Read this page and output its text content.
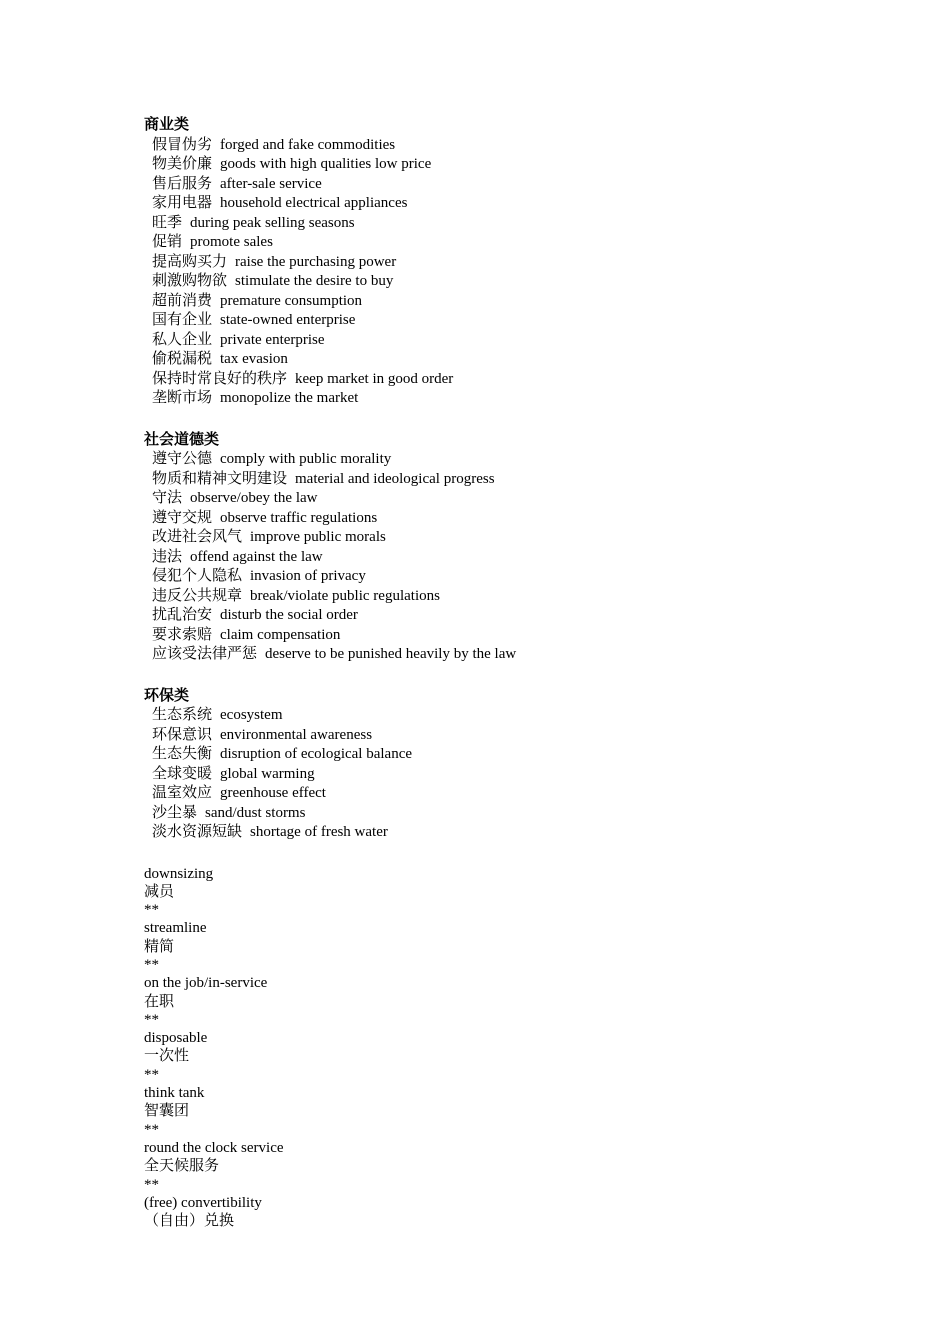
商业类
假冒伪劣 forged and fake commodities
物美价廉 goods with high qualities low price
售后服务 after-sale service
家用电器 household electrical appliances
旺季 during peak selling seasons
促销 promote sales
提高购买力 raise the purchasing power
刺激购物欲 stimulate the desire to buy
超前消费 premature consumption
国有企业 state-owned enterprise
私人企业 private enterprise
偷税漏税 tax evasion
保持时常良好的秩序 keep market in good order
垄断市场 monopolize the market
社会道德类
遵守公德 comply with public morality
物质和精神文明建设 material and ideological progress
守法 observe/obey the law
遵守交规 observe traffic regulations
改进社会风气 improve public morals
违法 offend against the law
侵犯个人隐私 invasion of privacy
违反公共规章 break/violate public regulations
扰乱治安 disturb the social order
要求索赔 claim compensation
应该受法律严惩 deserve to be punished heavily by the law
环保类
生态系统 ecosystem
环保意识 environmental awareness
生态失衡 disruption of ecological balance
全球变暖 global warming
温室效应 greenhouse effect
沙尘暴 sand/dust storms
淡水资源短缺 shortage of fresh water
downsizing
减员
**
streamline
精简
**
on the job/in-service
在职
**
disposable
一次性
**
think tank
智囊团
**
round the clock service
全天候服务
**
(free) convertibility
（自由）兑换
